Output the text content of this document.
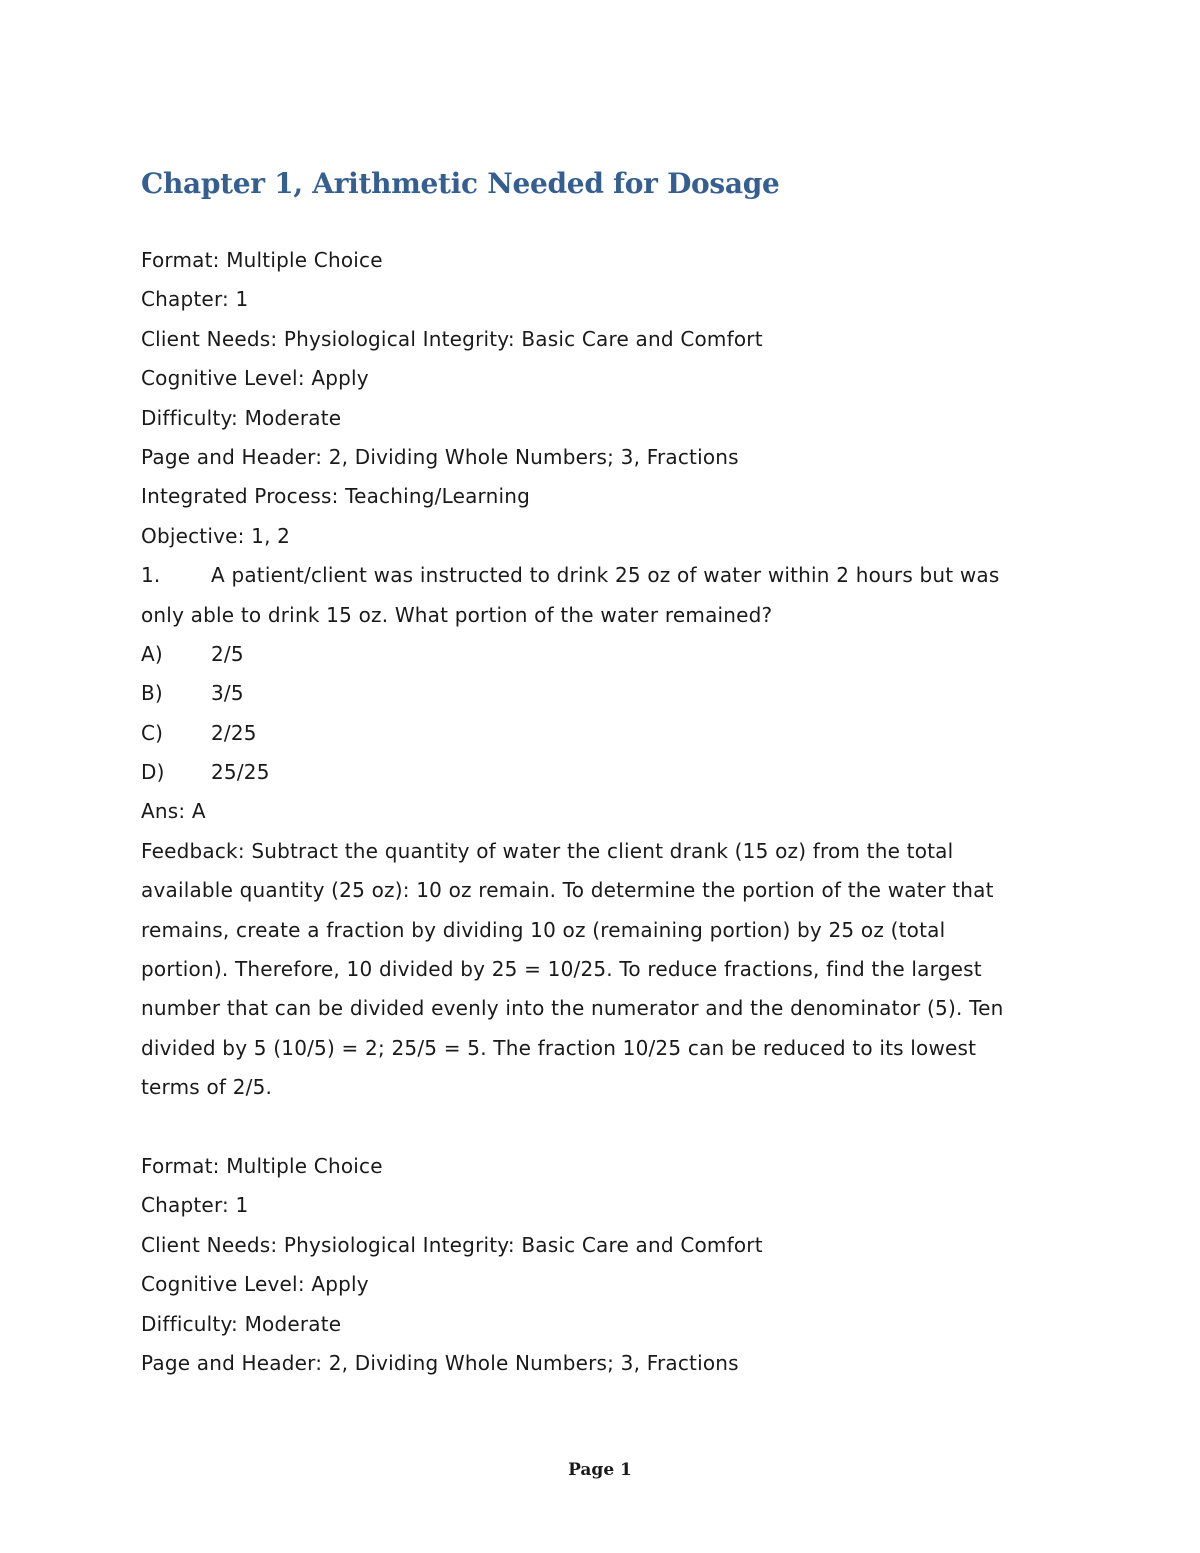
Chapter 1, Arithmetic Needed for Dosage
Format: Multiple Choice
Chapter: 1
Client Needs: Physiological Integrity: Basic Care and Comfort
Cognitive Level: Apply
Difficulty: Moderate
Page and Header: 2, Dividing Whole Numbers; 3, Fractions
Integrated Process: Teaching/Learning
Objective: 1, 2
1.	A patient/client was instructed to drink 25 oz of water within 2 hours but was
only able to drink 15 oz. What portion of the water remained?
A) 2/5
B) 3/5
C) 2/25
D) 25/25
Ans: A
Feedback: Subtract the quantity of water the client drank (15 oz) from the total
available quantity (25 oz): 10 oz remain. To determine the portion of the water that
remains, create a fraction by dividing 10 oz (remaining portion) by 25 oz (total
portion). Therefore, 10 divided by 25 = 10/25. To reduce fractions, find the largest
number that can be divided evenly into the numerator and the denominator (5). Ten
divided by 5 (10/5) = 2; 25/5 = 5. The fraction 10/25 can be reduced to its lowest
terms of 2/5.
Format: Multiple Choice
Chapter: 1
Client Needs: Physiological Integrity: Basic Care and Comfort
Cognitive Level: Apply
Difficulty: Moderate
Page and Header: 2, Dividing Whole Numbers; 3, Fractions
Page 1
